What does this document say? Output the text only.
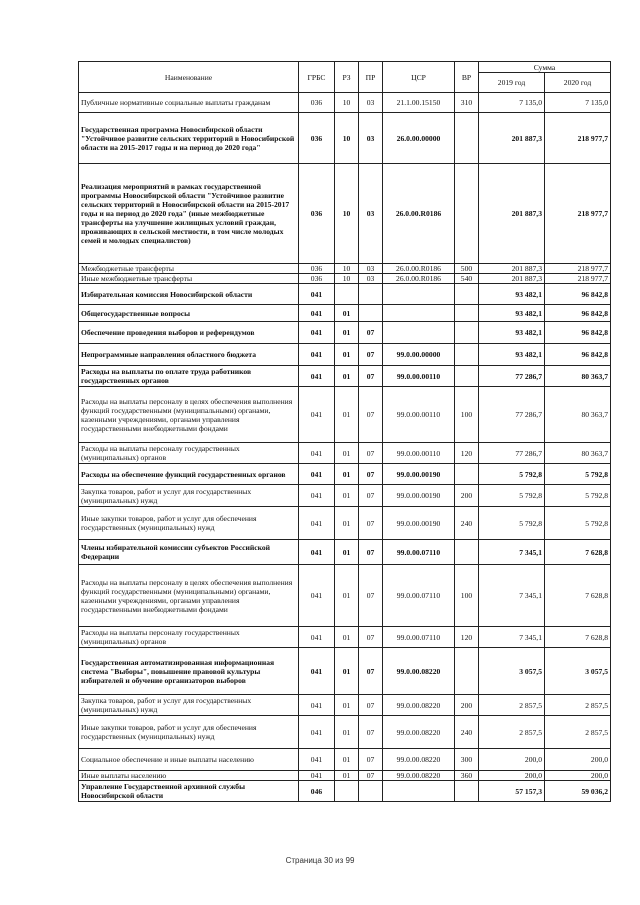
Наименование	ГРБС	РЗ	ПР	ЦСР	ВР	Сумма	
						2019 год	2020 год
Публичные нормативные социальные выплаты гражданам	036	10	03	21.1.00.15150	310	7 135,0	7 135,0
Государственная программа Новосибирской области "Устойчивое развитие сельских территорий в Новосибирской области на 2015-2017 годы и на период до 2020 года"	036	10	03	26.0.00.00000		201 887,3	218 977,7
Реализация мероприятий в рамках государственной программы Новосибирской области "Устойчивое развитие сельских территорий в Новосибирской области на 2015-2017 годы и на период до 2020 года" (иные межбюджетные трансферты на улучшение жилищных условий граждан, проживающих в сельской местности, в том числе молодых семей и молодых специалистов)	036	10	03	26.0.00.R0186		201 887,3	218 977,7
Межбюджетные трансферты	036	10	03	26.0.00.R0186	500	201 887,3	218 977,7
Иные межбюджетные трансферты	036	10	03	26.0.00.R0186	540	201 887,3	218 977,7
Избирательная комиссия Новосибирской области	041					93 482,1	96 842,8
Общегосударственные вопросы	041	01				93 482,1	96 842,8
Обеспечение проведения выборов и референдумов	041	01	07			93 482,1	96 842,8
Непрограммные направления областного бюджета	041	01	07	99.0.00.00000		93 482,1	96 842,8
Расходы на выплаты по оплате труда работников государственных органов	041	01	07	99.0.00.00110		77 286,7	80 363,7
Расходы на выплаты персоналу в целях обеспечения выполнения функций государственными (муниципальными) органами, казенными учреждениями, органами управления государственными внебюджетными фондами	041	01	07	99.0.00.00110	100	77 286,7	80 363,7
Расходы на выплаты персоналу государственных (муниципальных) органов	041	01	07	99.0.00.00110	120	77 286,7	80 363,7
Расходы на обеспечение функций государственных органов	041	01	07	99.0.00.00190		5 792,8	5 792,8
Закупка товаров, работ и услуг для государственных (муниципальных) нужд	041	01	07	99.0.00.00190	200	5 792,8	5 792,8
Иные закупки товаров, работ и услуг для обеспечения государственных (муниципальных) нужд	041	01	07	99.0.00.00190	240	5 792,8	5 792,8
Члены избирательной комиссии субъектов Российской Федерации	041	01	07	99.0.00.07110		7 345,1	7 628,8
Расходы на выплаты персоналу в целях обеспечения выполнения функций государственными (муниципальными) органами, казенными учреждениями, органами управления государственными внебюджетными фондами	041	01	07	99.0.00.07110	100	7 345,1	7 628,8
Расходы на выплаты персоналу государственных (муниципальных) органов	041	01	07	99.0.00.07110	120	7 345,1	7 628,8
Государственная автоматизированная информационная система "Выборы", повышение правовой культуры избирателей и обучение организаторов выборов	041	01	07	99.0.00.08220		3 057,5	3 057,5
Закупка товаров, работ и услуг для государственных (муниципальных) нужд	041	01	07	99.0.00.08220	200	2 857,5	2 857,5
Иные закупки товаров, работ и услуг для обеспечения государственных (муниципальных) нужд	041	01	07	99.0.00.08220	240	2 857,5	2 857,5
Социальное обеспечение и иные выплаты населению	041	01	07	99.0.00.08220	300	200,0	200,0
Иные выплаты населению	041	01	07	99.0.00.08220	360	200,0	200,0
Управление Государственной архивной службы Новосибирской области	046					57 157,3	59 036,2
Страница 30 из 99
